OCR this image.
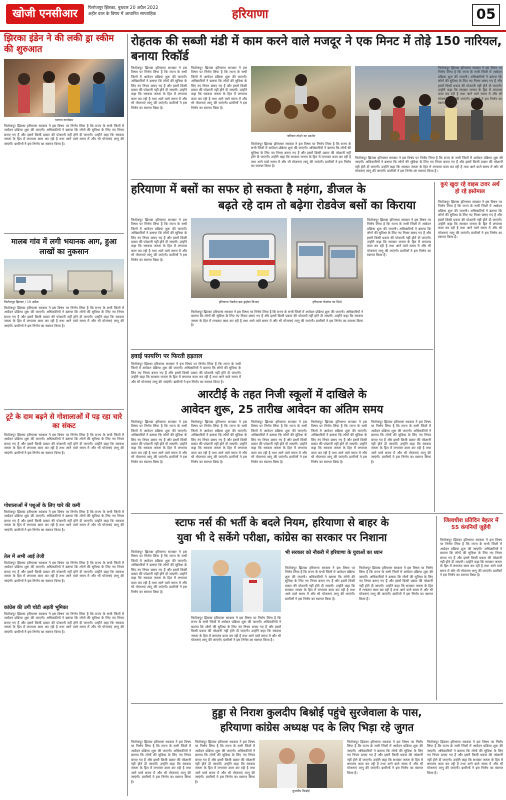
खोजी एनसीआर	फिरोजपुर झिरका, बुधवार 20 अप्रैल 2022
अहीर वाल के विषय में आधारित साप्ताहिक	हरियाणा	05
झिरका इंडेन ने की लकी ड्रा स्कीम की शुरुआत
चलाया कार्यक्रम
फिरोजपुर झिरका हरियाणा सरकार ने इस विषय पर निर्णय लिया है कि राज्य के सभी जिलों में आवेदन प्रक्रिया शुरू की जाएगी। अधिकारियों ने बताया कि लोगों की सुविधा के लिए नए नियम बनाए गए हैं और इसमें किसी प्रकार की परेशानी नहीं होने दी जाएगी। उन्होंने कहा कि सरकार जनता के हित में लगातार काम कर रही है तथा आने वाले समय में और भी योजनाएं लागू की जाएंगी। ग्रामीणों ने इस निर्णय का स्वागत किया है।
मालब गांव में लगी भयानक आग, हुआ लाखों का नुकसान
फिरोजपुर झिरका / 19 अप्रैल:
फिरोजपुर झिरका हरियाणा सरकार ने इस विषय पर निर्णय लिया है कि राज्य के सभी जिलों में आवेदन प्रक्रिया शुरू की जाएगी। अधिकारियों ने बताया कि लोगों की सुविधा के लिए नए नियम बनाए गए हैं और इसमें किसी प्रकार की परेशानी नहीं होने दी जाएगी। उन्होंने कहा कि सरकार जनता के हित में लगातार काम कर रही है तथा आने वाले समय में और भी योजनाएं लागू की जाएंगी। ग्रामीणों ने इस निर्णय का स्वागत किया है।
टूटे के दाम बढ़ने से गोशालाओं में पड़ रहा चारे का संकट
फिरोजपुर झिरका हरियाणा सरकार ने इस विषय पर निर्णय लिया है कि राज्य के सभी जिलों में आवेदन प्रक्रिया शुरू की जाएगी। अधिकारियों ने बताया कि लोगों की सुविधा के लिए नए नियम बनाए गए हैं और इसमें किसी प्रकार की परेशानी नहीं होने दी जाएगी। उन्होंने कहा कि सरकार जनता के हित में लगातार काम कर रही है तथा आने वाले समय में और भी योजनाएं लागू की जाएंगी। ग्रामीणों ने इस निर्णय का स्वागत किया है।
गोशालाओं में पशुओं के लिए चारे की कमी
फिरोजपुर झिरका हरियाणा सरकार ने इस विषय पर निर्णय लिया है कि राज्य के सभी जिलों में आवेदन प्रक्रिया शुरू की जाएगी। अधिकारियों ने बताया कि लोगों की सुविधा के लिए नए नियम बनाए गए हैं और इसमें किसी प्रकार की परेशानी नहीं होने दी जाएगी। उन्होंने कहा कि सरकार जनता के हित में लगातार काम कर रही है तथा आने वाले समय में और भी योजनाएं लागू की जाएंगी। ग्रामीणों ने इस निर्णय का स्वागत किया है।
तेल में अभी आई तेजी
फिरोजपुर झिरका हरियाणा सरकार ने इस विषय पर निर्णय लिया है कि राज्य के सभी जिलों में आवेदन प्रक्रिया शुरू की जाएगी। अधिकारियों ने बताया कि लोगों की सुविधा के लिए नए नियम बनाए गए हैं और इसमें किसी प्रकार की परेशानी नहीं होने दी जाएगी। उन्होंने कहा कि सरकार जनता के हित में लगातार काम कर रही है तथा आने वाले समय में और भी योजनाएं लागू की जाएंगी। ग्रामीणों ने इस निर्णय का स्वागत किया है।
कांग्रेस की उगी चोटी अड़ती भूमिका
फिरोजपुर झिरका हरियाणा सरकार ने इस विषय पर निर्णय लिया है कि राज्य के सभी जिलों में आवेदन प्रक्रिया शुरू की जाएगी। अधिकारियों ने बताया कि लोगों की सुविधा के लिए नए नियम बनाए गए हैं और इसमें किसी प्रकार की परेशानी नहीं होने दी जाएगी। उन्होंने कहा कि सरकार जनता के हित में लगातार काम कर रही है तथा आने वाले समय में और भी योजनाएं लागू की जाएंगी। ग्रामीणों ने इस निर्णय का स्वागत किया है।
रोहतक की सब्जी मंडी में काम करने वाले मजदूर ने एक मिनट में तोड़े 150 नारियल, बनाया रिकॉर्ड
फिरोजपुर झिरका हरियाणा सरकार ने इस विषय पर निर्णय लिया है कि राज्य के सभी जिलों में आवेदन प्रक्रिया शुरू की जाएगी। अधिकारियों ने बताया कि लोगों की सुविधा के लिए नए नियम बनाए गए हैं और इसमें किसी प्रकार की परेशानी नहीं होने दी जाएगी। उन्होंने कहा कि सरकार जनता के हित में लगातार काम कर रही है तथा आने वाले समय में और भी योजनाएं लागू की जाएंगी। ग्रामीणों ने इस निर्णय का स्वागत किया है।
फिरोजपुर झिरका हरियाणा सरकार ने इस विषय पर निर्णय लिया है कि राज्य के सभी जिलों में आवेदन प्रक्रिया शुरू की जाएगी। अधिकारियों ने बताया कि लोगों की सुविधा के लिए नए नियम बनाए गए हैं और इसमें किसी प्रकार की परेशानी नहीं होने दी जाएगी। उन्होंने कहा कि सरकार जनता के हित में लगातार काम कर रही है तथा आने वाले समय में और भी योजनाएं लागू की जाएंगी। ग्रामीणों ने इस निर्णय का स्वागत किया है।
नारियल तोड़ने का प्रदर्शन
फिरोजपुर झिरका हरियाणा सरकार ने इस विषय पर निर्णय लिया है कि राज्य के सभी जिलों में आवेदन प्रक्रिया शुरू की जाएगी। अधिकारियों ने बताया कि लोगों की सुविधा के लिए नए नियम बनाए गए हैं और इसमें किसी प्रकार की परेशानी नहीं होने दी जाएगी। उन्होंने कहा कि सरकार जनता के हित में लगातार काम कर रही है तथा आने वाले समय में और भी योजनाएं लागू की जाएंगी। ग्रामीणों ने इस निर्णय का स्वागत किया है।
फिरोजपुर झिरका हरियाणा सरकार ने इस विषय पर निर्णय लिया है कि राज्य के सभी जिलों में आवेदन प्रक्रिया शुरू की जाएगी। अधिकारियों ने बताया कि लोगों की सुविधा के लिए नए नियम बनाए गए हैं और इसमें किसी प्रकार की परेशानी नहीं होने दी जाएगी। उन्होंने कहा कि सरकार जनता के हित में लगातार काम कर रही है तथा आने वाले समय में और भी योजनाएं लागू की जाएंगी। ग्रामीणों ने इस निर्णय का स्वागत किया है।
हरियाणा में बसों का सफर हो सकता है महंगा, डीजल के
बढ़ते रहे दाम तो बढ़ेगा रोडवेज बसों का किराया
फिरोजपुर झिरका हरियाणा सरकार ने इस विषय पर निर्णय लिया है कि राज्य के सभी जिलों में आवेदन प्रक्रिया शुरू की जाएगी। अधिकारियों ने बताया कि लोगों की सुविधा के लिए नए नियम बनाए गए हैं और इसमें किसी प्रकार की परेशानी नहीं होने दी जाएगी। उन्होंने कहा कि सरकार जनता के हित में लगातार काम कर रही है तथा आने वाले समय में और भी योजनाएं लागू की जाएंगी। ग्रामीणों ने इस निर्णय का स्वागत किया है।
हरियाणा रोडवेज बस ड्राईवर विभाग	हरियाणा रोडवेज का डिपो
फिरोजपुर झिरका हरियाणा सरकार ने इस विषय पर निर्णय लिया है कि राज्य के सभी जिलों में आवेदन प्रक्रिया शुरू की जाएगी। अधिकारियों ने बताया कि लोगों की सुविधा के लिए नए नियम बनाए गए हैं और इसमें किसी प्रकार की परेशानी नहीं होने दी जाएगी। उन्होंने कहा कि सरकार जनता के हित में लगातार काम कर रही है तथा आने वाले समय में और भी योजनाएं लागू की जाएंगी। ग्रामीणों ने इस निर्णय का स्वागत किया है।
फिरोजपुर झिरका हरियाणा सरकार ने इस विषय पर निर्णय लिया है कि राज्य के सभी जिलों में आवेदन प्रक्रिया शुरू की जाएगी। अधिकारियों ने बताया कि लोगों की सुविधा के लिए नए नियम बनाए गए हैं और इसमें किसी प्रकार की परेशानी नहीं होने दी जाएगी। उन्होंने कहा कि सरकार जनता के हित में लगातार काम कर रही है तथा आने वाले समय में और भी योजनाएं लागू की जाएंगी। ग्रामीणों ने इस निर्णय का स्वागत किया है।
फिरोजपुर झिरका हरियाणा सरकार ने इस विषय पर निर्णय लिया है कि राज्य के सभी जिलों में आवेदन प्रक्रिया शुरू की जाएगी। अधिकारियों ने बताया कि लोगों की सुविधा के लिए नए नियम बनाए गए हैं और इसमें किसी प्रकार की परेशानी नहीं होने दी जाएगी। उन्होंने कहा कि सरकार जनता के हित में लगातार काम कर रही है तथा आने वाले समय में और भी योजनाएं लागू की जाएंगी। ग्रामीणों ने इस निर्णय का स्वागत किया है।
कुएं खुदा रहे वाइस टावर अर्थ हो रहे इस्तेमाल
फिरोजपुर झिरका हरियाणा सरकार ने इस विषय पर निर्णय लिया है कि राज्य के सभी जिलों में आवेदन प्रक्रिया शुरू की जाएगी। अधिकारियों ने बताया कि लोगों की सुविधा के लिए नए नियम बनाए गए हैं और इसमें किसी प्रकार की परेशानी नहीं होने दी जाएगी। उन्होंने कहा कि सरकार जनता के हित में लगातार काम कर रही है तथा आने वाले समय में और भी योजनाएं लागू की जाएंगी। ग्रामीणों ने इस निर्णय का स्वागत किया है।
हवाई फायरिंग पर फिरती हड़ताल
फिरोजपुर झिरका हरियाणा सरकार ने इस विषय पर निर्णय लिया है कि राज्य के सभी जिलों में आवेदन प्रक्रिया शुरू की जाएगी। अधिकारियों ने बताया कि लोगों की सुविधा के लिए नए नियम बनाए गए हैं और इसमें किसी प्रकार की परेशानी नहीं होने दी जाएगी। उन्होंने कहा कि सरकार जनता के हित में लगातार काम कर रही है तथा आने वाले समय में और भी योजनाएं लागू की जाएंगी। ग्रामीणों ने इस निर्णय का स्वागत किया है।
आरटीई के तहत निजी स्कूलों में दाखिले के
आवेदन शुरू, 25 तारीख आवेदन का अंतिम समय
फिरोजपुर झिरका हरियाणा सरकार ने इस विषय पर निर्णय लिया है कि राज्य के सभी जिलों में आवेदन प्रक्रिया शुरू की जाएगी। अधिकारियों ने बताया कि लोगों की सुविधा के लिए नए नियम बनाए गए हैं और इसमें किसी प्रकार की परेशानी नहीं होने दी जाएगी। उन्होंने कहा कि सरकार जनता के हित में लगातार काम कर रही है तथा आने वाले समय में और भी योजनाएं लागू की जाएंगी। ग्रामीणों ने इस निर्णय का स्वागत किया है।
फिरोजपुर झिरका हरियाणा सरकार ने इस विषय पर निर्णय लिया है कि राज्य के सभी जिलों में आवेदन प्रक्रिया शुरू की जाएगी। अधिकारियों ने बताया कि लोगों की सुविधा के लिए नए नियम बनाए गए हैं और इसमें किसी प्रकार की परेशानी नहीं होने दी जाएगी। उन्होंने कहा कि सरकार जनता के हित में लगातार काम कर रही है तथा आने वाले समय में और भी योजनाएं लागू की जाएंगी। ग्रामीणों ने इस निर्णय का स्वागत किया है।
फिरोजपुर झिरका हरियाणा सरकार ने इस विषय पर निर्णय लिया है कि राज्य के सभी जिलों में आवेदन प्रक्रिया शुरू की जाएगी। अधिकारियों ने बताया कि लोगों की सुविधा के लिए नए नियम बनाए गए हैं और इसमें किसी प्रकार की परेशानी नहीं होने दी जाएगी। उन्होंने कहा कि सरकार जनता के हित में लगातार काम कर रही है तथा आने वाले समय में और भी योजनाएं लागू की जाएंगी। ग्रामीणों ने इस निर्णय का स्वागत किया है।
फिरोजपुर झिरका हरियाणा सरकार ने इस विषय पर निर्णय लिया है कि राज्य के सभी जिलों में आवेदन प्रक्रिया शुरू की जाएगी। अधिकारियों ने बताया कि लोगों की सुविधा के लिए नए नियम बनाए गए हैं और इसमें किसी प्रकार की परेशानी नहीं होने दी जाएगी। उन्होंने कहा कि सरकार जनता के हित में लगातार काम कर रही है तथा आने वाले समय में और भी योजनाएं लागू की जाएंगी। ग्रामीणों ने इस निर्णय का स्वागत किया है।
फिरोजपुर झिरका हरियाणा सरकार ने इस विषय पर निर्णय लिया है कि राज्य के सभी जिलों में आवेदन प्रक्रिया शुरू की जाएगी। अधिकारियों ने बताया कि लोगों की सुविधा के लिए नए नियम बनाए गए हैं और इसमें किसी प्रकार की परेशानी नहीं होने दी जाएगी। उन्होंने कहा कि सरकार जनता के हित में लगातार काम कर रही है तथा आने वाले समय में और भी योजनाएं लागू की जाएंगी। ग्रामीणों ने इस निर्णय का स्वागत किया है।
स्टाफ नर्स की भर्ती के बदले नियम, हरियाणा से बाहर के
युवा भी दे सकेंगे परीक्षा, कांग्रेस का सरकार पर निशाना
फिरोजपुर झिरका हरियाणा सरकार ने इस विषय पर निर्णय लिया है कि राज्य के सभी जिलों में आवेदन प्रक्रिया शुरू की जाएगी। अधिकारियों ने बताया कि लोगों की सुविधा के लिए नए नियम बनाए गए हैं और इसमें किसी प्रकार की परेशानी नहीं होने दी जाएगी। उन्होंने कहा कि सरकार जनता के हित में लगातार काम कर रही है तथा आने वाले समय में और भी योजनाएं लागू की जाएंगी। ग्रामीणों ने इस निर्णय का स्वागत किया है।
फिरोजपुर झिरका हरियाणा सरकार ने इस विषय पर निर्णय लिया है कि राज्य के सभी जिलों में आवेदन प्रक्रिया शुरू की जाएगी। अधिकारियों ने बताया कि लोगों की सुविधा के लिए नए नियम बनाए गए हैं और इसमें किसी प्रकार की परेशानी नहीं होने दी जाएगी। उन्होंने कहा कि सरकार जनता के हित में लगातार काम कर रही है तथा आने वाले समय में और भी योजनाएं लागू की जाएंगी। ग्रामीणों ने इस निर्णय का स्वागत किया है।
भी सरकार को नौकरी में हरियाणा के युवाओं का ध्यान
फिरोजपुर झिरका हरियाणा सरकार ने इस विषय पर निर्णय लिया है कि राज्य के सभी जिलों में आवेदन प्रक्रिया शुरू की जाएगी। अधिकारियों ने बताया कि लोगों की सुविधा के लिए नए नियम बनाए गए हैं और इसमें किसी प्रकार की परेशानी नहीं होने दी जाएगी। उन्होंने कहा कि सरकार जनता के हित में लगातार काम कर रही है तथा आने वाले समय में और भी योजनाएं लागू की जाएंगी। ग्रामीणों ने इस निर्णय का स्वागत किया है।
फिरोजपुर झिरका हरियाणा सरकार ने इस विषय पर निर्णय लिया है कि राज्य के सभी जिलों में आवेदन प्रक्रिया शुरू की जाएगी। अधिकारियों ने बताया कि लोगों की सुविधा के लिए नए नियम बनाए गए हैं और इसमें किसी प्रकार की परेशानी नहीं होने दी जाएगी। उन्होंने कहा कि सरकार जनता के हित में लगातार काम कर रही है तथा आने वाले समय में और भी योजनाएं लागू की जाएंगी। ग्रामीणों ने इस निर्णय का स्वागत किया है।
जिलाधीश प्रतिदिन बेहतर में 55 कंपनियों जुड़ेंगी
फिरोजपुर झिरका हरियाणा सरकार ने इस विषय पर निर्णय लिया है कि राज्य के सभी जिलों में आवेदन प्रक्रिया शुरू की जाएगी। अधिकारियों ने बताया कि लोगों की सुविधा के लिए नए नियम बनाए गए हैं और इसमें किसी प्रकार की परेशानी नहीं होने दी जाएगी। उन्होंने कहा कि सरकार जनता के हित में लगातार काम कर रही है तथा आने वाले समय में और भी योजनाएं लागू की जाएंगी। ग्रामीणों ने इस निर्णय का स्वागत किया है।
हुड्डा से निराश कुलदीप बिश्नोई पहुंचे सुरजेवाला के पास,
हरियाणा कांग्रेस अध्यक्ष पद के लिए भिड़ा रहे जुगत
फिरोजपुर झिरका हरियाणा सरकार ने इस विषय पर निर्णय लिया है कि राज्य के सभी जिलों में आवेदन प्रक्रिया शुरू की जाएगी। अधिकारियों ने बताया कि लोगों की सुविधा के लिए नए नियम बनाए गए हैं और इसमें किसी प्रकार की परेशानी नहीं होने दी जाएगी। उन्होंने कहा कि सरकार जनता के हित में लगातार काम कर रही है तथा आने वाले समय में और भी योजनाएं लागू की जाएंगी। ग्रामीणों ने इस निर्णय का स्वागत किया है।
फिरोजपुर झिरका हरियाणा सरकार ने इस विषय पर निर्णय लिया है कि राज्य के सभी जिलों में आवेदन प्रक्रिया शुरू की जाएगी। अधिकारियों ने बताया कि लोगों की सुविधा के लिए नए नियम बनाए गए हैं और इसमें किसी प्रकार की परेशानी नहीं होने दी जाएगी। उन्होंने कहा कि सरकार जनता के हित में लगातार काम कर रही है तथा आने वाले समय में और भी योजनाएं लागू की जाएंगी। ग्रामीणों ने इस निर्णय का स्वागत किया है।
कुलदीप बिश्नोई
फिरोजपुर झिरका हरियाणा सरकार ने इस विषय पर निर्णय लिया है कि राज्य के सभी जिलों में आवेदन प्रक्रिया शुरू की जाएगी। अधिकारियों ने बताया कि लोगों की सुविधा के लिए नए नियम बनाए गए हैं और इसमें किसी प्रकार की परेशानी नहीं होने दी जाएगी। उन्होंने कहा कि सरकार जनता के हित में लगातार काम कर रही है तथा आने वाले समय में और भी योजनाएं लागू की जाएंगी। ग्रामीणों ने इस निर्णय का स्वागत किया है।
फिरोजपुर झिरका हरियाणा सरकार ने इस विषय पर निर्णय लिया है कि राज्य के सभी जिलों में आवेदन प्रक्रिया शुरू की जाएगी। अधिकारियों ने बताया कि लोगों की सुविधा के लिए नए नियम बनाए गए हैं और इसमें किसी प्रकार की परेशानी नहीं होने दी जाएगी। उन्होंने कहा कि सरकार जनता के हित में लगातार काम कर रही है तथा आने वाले समय में और भी योजनाएं लागू की जाएंगी। ग्रामीणों ने इस निर्णय का स्वागत किया है।
